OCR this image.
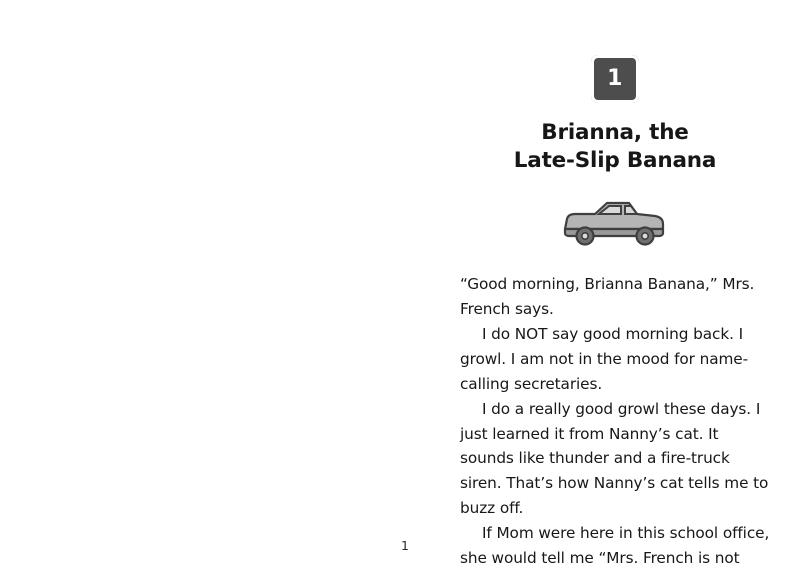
1
Brianna, the
Late-Slip Banana

“Good morning, Brianna Banana,” Mrs. French says.

I do NOT say good morning back. I growl. I am not in the mood for name-calling secretaries.

I do a really good growl these days. I just learned it from Nanny’s cat. It sounds like thunder and a fire-truck siren. That’s how Nanny’s cat tells me to buzz off.

If Mom were here in this school office, she would tell me “Mrs. French is not

1
